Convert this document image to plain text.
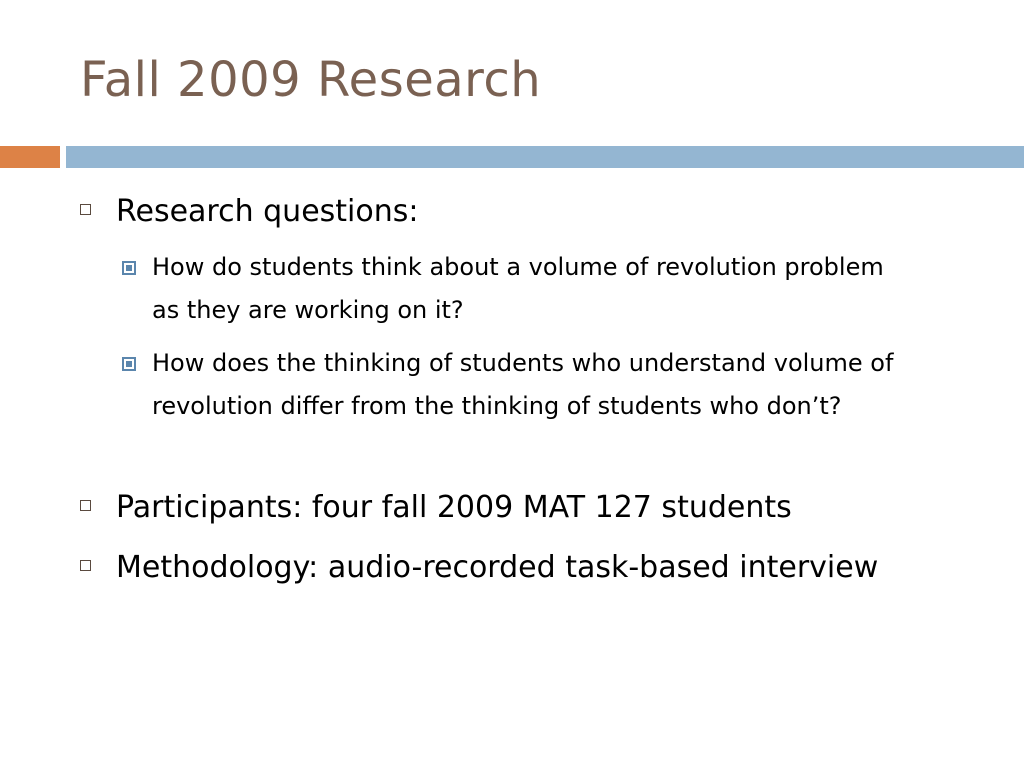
Fall 2009 Research
Research questions:
How do students think about a volume of revolution problem as they are working on it?
How does the thinking of students who understand volume of revolution differ from the thinking of students who don’t?
Participants: four fall 2009 MAT 127 students
Methodology: audio-recorded task-based interview
